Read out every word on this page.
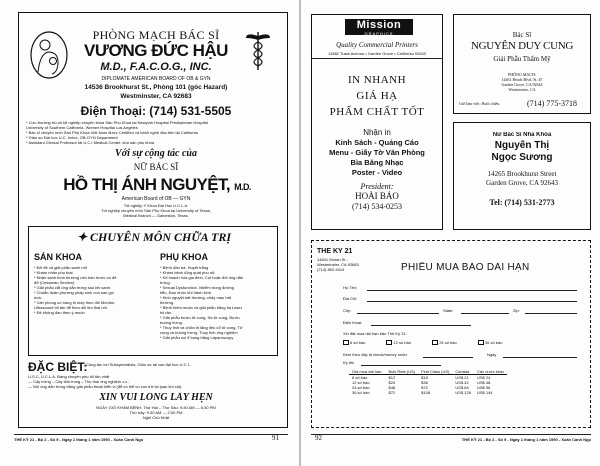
PHÒNG MẠCH BÁC SĨ
VƯƠNG ĐỨC HẬU
M.D., F.A.C.O.G., INC.
DIPLOMATE AMERICAN BOARD OF OB & GYN
14536 Brookhurst St., Phòng 101 (góc Hazard)
Westminster, CA 92683
Điện Thoại: (714) 531-5505
* Cựu thường trú và tốt nghiệp chuyên khoa Sản Phụ Khoa tại Newyork Hospital Presbyterian Hospital
University of Southern California, Women Hospital Los Angeles
* Bác sĩ chuyên môn Sản Phụ Khoa Việt Nam được Certified và hành nghề đầu tiên tại California
* Giáo sư Đại học U.C. Irvine, OB-GYN Department
* Assistant Clinical Professor tại U.C.I Medical Center, khu sản phụ khoa
Với sự cộng tác của
NỮ BÁC SĨ
HỒ THỊ ÁNH NGUYỆT, M.D.
American Board of OB — GYN
Tốt nghiệp Y Khoa Đại Học U.C.L.A.
Tốt nghiệp chuyên môn Sản Phụ Khoa tại University of Texas,
Medical Branch — Galveston, Texas.
✦ CHUYÊN MÔN CHỮA TRỊ
SẢN KHOA
* Đỡ đẻ và giải phẫu sanh mổ
* Khám nhân phụ thai.
* Nhận sanh bình thường nếu bàn trước có đẻ
đỡ (Cesarean Section)
* Giải phẫu cắt ống dẫn trứng sau khi sanh.
* Chuẩn đoán phương pháp sinh con sao gọi
mốc
* Vấn phòng có trang bị máy theo dõi Monitor,
Ultrasound tối tân để theo dõi tim thai nhi.
* Đẻ không đau theo ý muốn
PHỤ KHOA
* Bệnh đàn bà, Huyết trắng
* Khám bệnh tổng quát phụ nữ
* Kế hoạch hóa gia đình, Cột hoặc đốt ống dẫn
trứng.
* Sexual Dysfunction. Nhiễm trùng đường
tiểu, Đau nhức khi hành kinh.
* Kinh nguyệt bất thường, chảy máu bất
thường.
* Bệnh hiếm muộn và giải phẫu bằng tia Laser
tối tân.
* Giải phẫu bướu tử cung, Sa tử cung, Bướu
buồng trứng.
* Thụy tinh và chữa trị lãng tiêu cổ tử cung, Tử
cung và buồng trứng, Thụy tinh ống nghiệm
* Giải phẫu soi ổ bụng bằng Laparoscopy
ĐẶC BIỆT:
Cộng tác với Subspecialists, Giáo sư tại các đại học U.C.I.,
U.S.C, U.C.L.A. Đáng chuyên phụ tối tân nhất
— Cấy trứng – Cấy tinh trùng – Thụ thai ống nghiệm v.v...
— Nối ống dẫn trứng bằng giải phẫu thuật hiển vi (để có thể có con trở lại (sau khi cột)
XIN VUI LÒNG LẤY HẸN
NGÀY GIỜ KHÁM BỆNH: Thứ Hai – Thứ Sáu: 9:30 AM — 6:30 PM
Thứ bảy: 9:30 AM — 2:00 PM
Nghỉ Chủ Nhật
THẾ KỶ 21 - Bộ 2 - Số 9 - Ngày 1 tháng 1 năm 1990 - Xuân Canh Ngọ	91
Mission
GRAPHICS
Quality Commercial Printers
11582 Trask Avenue • Garden Grove • California 92643
IN NHANH
GIÁ HẠ
PHẨM CHẤT TỐT
Nhận in
Kinh Sách - Quảng Cáo
Menu - Giấy Tờ Văn Phòng
Bìa Băng Nhạc
Poster - Video
President:
HOÀI BẢO
(714) 534-0253
Bác Sĩ
NGUYỄN DUY CUNG
Giải Phẫu Thẩm Mỹ
PHÒNG MẠCH:
14461 Beach Blvd. St. #7
Garden Grove, CA 92644
Westminster, CA
Giờ làm việc: Buổi chiều	(714) 775-3718
Nữ Bác Sĩ Nha Khoa
Nguyễn Thị
Ngọc Sương
14265 Brookhurst Street
Garden Grove, CA 92643
Tel: (714) 531-2773
THẾ KỶ 21
14841 Moran St.,
Westminster, CA 92683
(714) 892-9414	PHIẾU MUA BÁO DÀI HẠN
Họ Tên:
Địa Chỉ:
City:	State:	Zip:
Điện thoại:
Xin đặt mua dài hạn báo Thế Kỷ 21:
6 số báo	12 số báo	24 số báo	36 số báo
Kèm theo đây là check/money order	Ngày
Ký tên
Giá mua dài hạn:	Bulk Rate (US)	First Class (US)	Canada	Các nước khác
6 số báo	$12	$18	US$ 21	US$ 24
12 số báo	$24	$36	US$ 42	US$ 48
24 số báo	$48	$72	US$ 84	US$ 96
36 số báo	$72	$108	US$ 126	US$ 144
92	THẾ KỶ 21 - Bộ 2 - Số 9 - Ngày 1 tháng 1 năm 1990 - Xuân Canh Ngọ
